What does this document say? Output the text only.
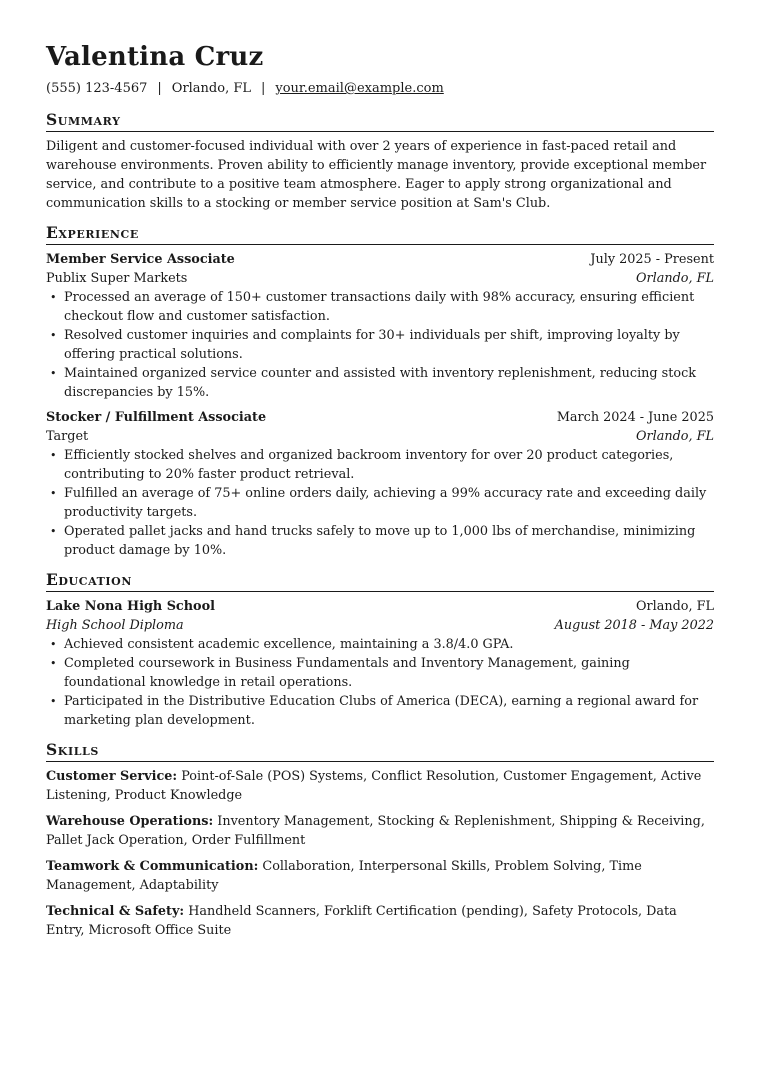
Valentina Cruz
(555) 123-4567 | Orlando, FL | your.email@example.com
Summary
Diligent and customer-focused individual with over 2 years of experience in fast-paced retail and warehouse environments. Proven ability to efficiently manage inventory, provide exceptional member service, and contribute to a positive team atmosphere. Eager to apply strong organizational and communication skills to a stocking or member service position at Sam's Club.
Experience
Member Service Associate	July 2025 - Present
Publix Super Markets	Orlando, FL
• Processed an average of 150+ customer transactions daily with 98% accuracy, ensuring efficient checkout flow and customer satisfaction.
• Resolved customer inquiries and complaints for 30+ individuals per shift, improving loyalty by offering practical solutions.
• Maintained organized service counter and assisted with inventory replenishment, reducing stock discrepancies by 15%.
Stocker / Fulfillment Associate	March 2024 - June 2025
Target	Orlando, FL
• Efficiently stocked shelves and organized backroom inventory for over 20 product categories, contributing to 20% faster product retrieval.
• Fulfilled an average of 75+ online orders daily, achieving a 99% accuracy rate and exceeding daily productivity targets.
• Operated pallet jacks and hand trucks safely to move up to 1,000 lbs of merchandise, minimizing product damage by 10%.
Education
Lake Nona High School	Orlando, FL
High School Diploma	August 2018 - May 2022
• Achieved consistent academic excellence, maintaining a 3.8/4.0 GPA.
• Completed coursework in Business Fundamentals and Inventory Management, gaining foundational knowledge in retail operations.
• Participated in the Distributive Education Clubs of America (DECA), earning a regional award for marketing plan development.
Skills
Customer Service: Point-of-Sale (POS) Systems, Conflict Resolution, Customer Engagement, Active Listening, Product Knowledge
Warehouse Operations: Inventory Management, Stocking & Replenishment, Shipping & Receiving, Pallet Jack Operation, Order Fulfillment
Teamwork & Communication: Collaboration, Interpersonal Skills, Problem Solving, Time Management, Adaptability
Technical & Safety: Handheld Scanners, Forklift Certification (pending), Safety Protocols, Data Entry, Microsoft Office Suite
